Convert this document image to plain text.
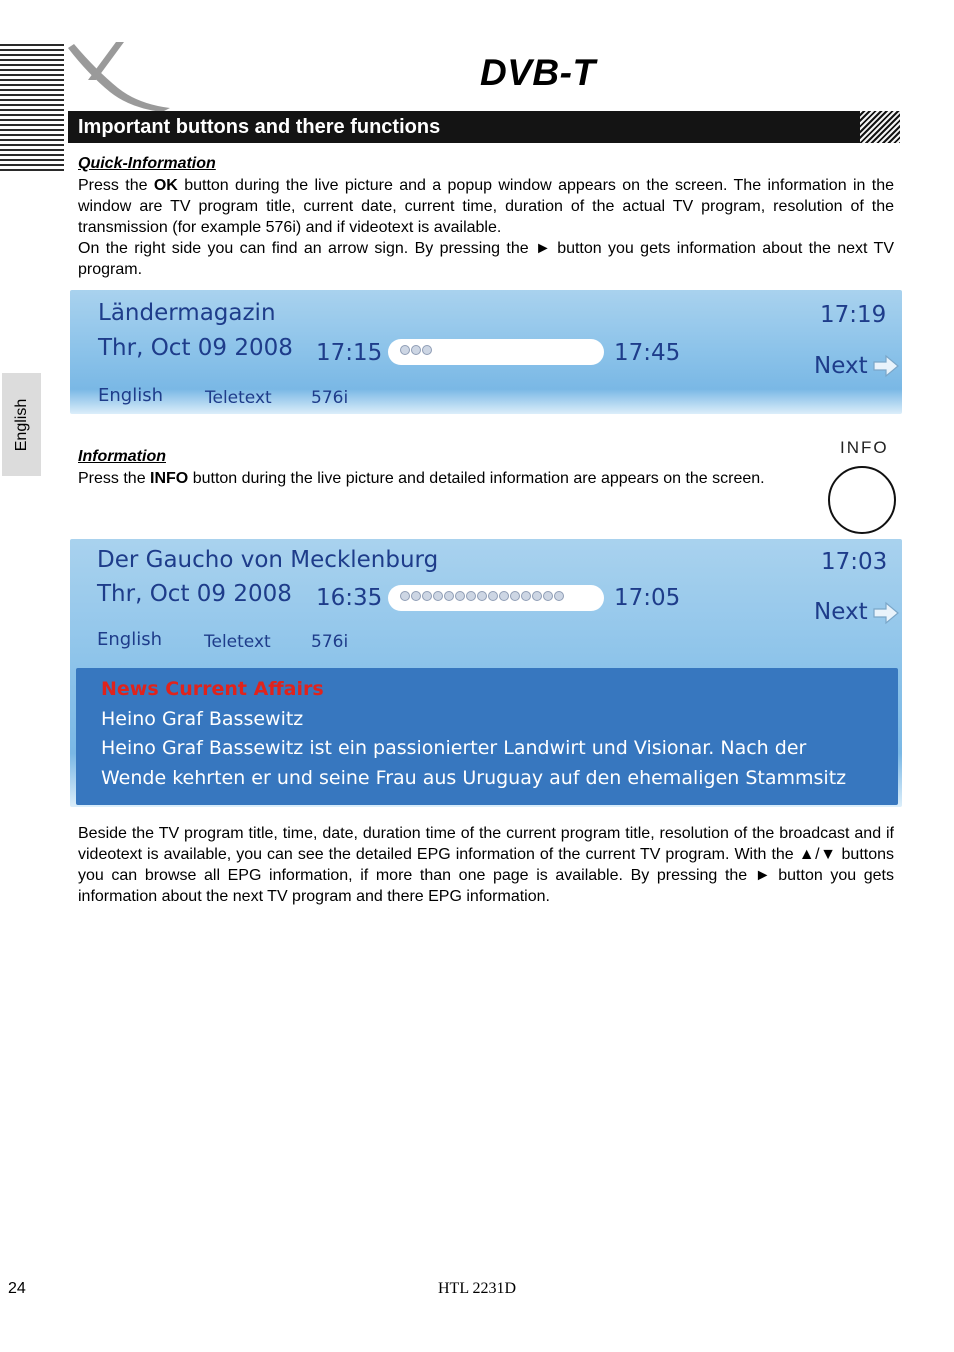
DVB-T
Important buttons and there functions
English
Quick-Information
Press the OK button during the live picture and a popup window appears on the screen. The information in the window are TV program title, current date, current time, duration of the actual TV program, resolution of the transmission (for example 576i) and if videotext is available.
On the right side you can find an arrow sign. By pressing the ► button you gets information about the next TV program.
Ländermagazin
Thr, Oct 09 2008 17:15	17:45
17:19
Next
English Teletext 576i
Information
Press the INFO button during the live picture and detailed information are appears on the screen.
INFO
Der Gaucho von Mecklenburg
Thr, Oct 09 2008 16:35	17:05
17:03
Next
English Teletext 576i
News Current Affairs
Heino Graf Bassewitz
Heino Graf Bassewitz ist ein passionierter Landwirt und Visionar. Nach der
Wende kehrten er und seine Frau aus Uruguay auf den ehemaligen Stammsitz
Beside the TV program title, time, date, duration time of the current program title, resolution of the broadcast and if videotext is available, you can see the detailed EPG information of the current TV program. With the ▲/▼ buttons you can browse all EPG information, if more than one page is available. By pressing the ► button you gets information about the next TV program and there EPG information.
24	HTL 2231D
